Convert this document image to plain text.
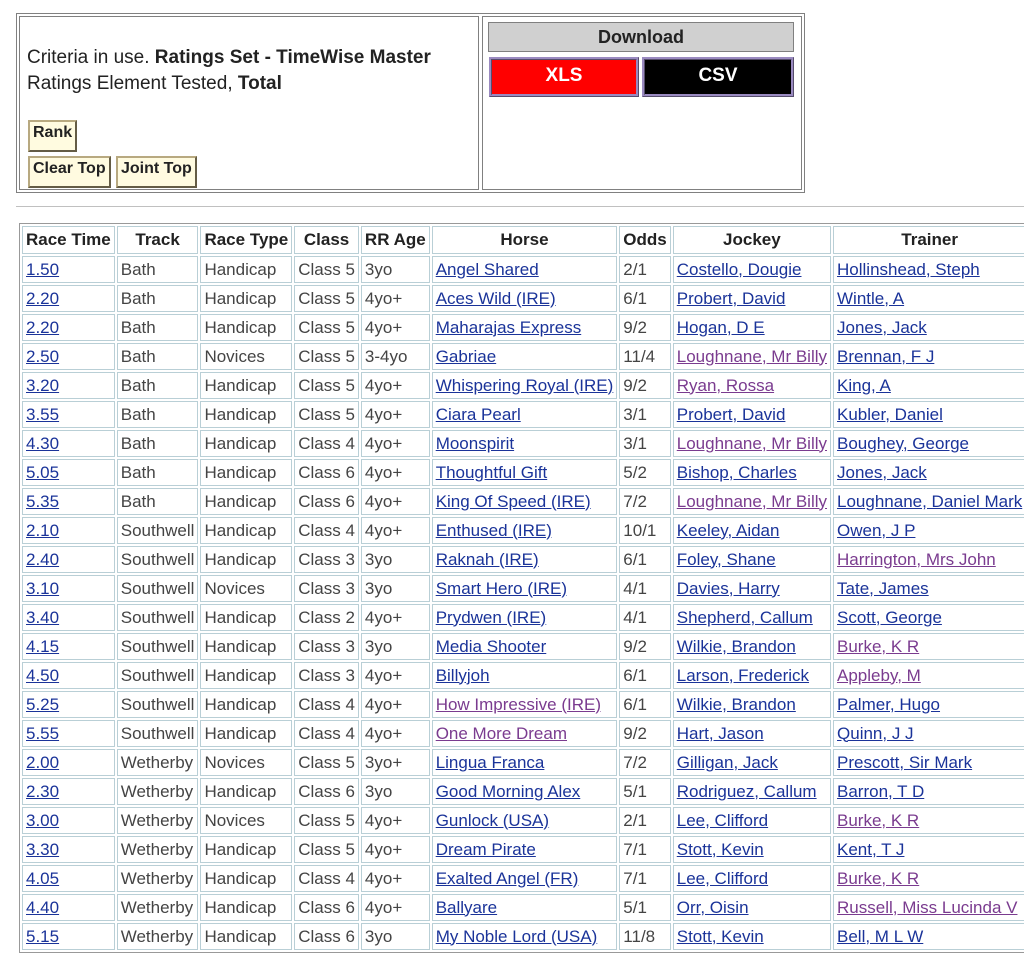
Criteria in use. Ratings Set - TimeWise Master
Ratings Element Tested, Total
Rank
Clear Top Joint Top
Download
XLS	CSV
Race Time	Track	Race Type	Class	RR Age	Horse	Odds	Jockey	Trainer
1.50	Bath	Handicap	Class 5	3yo	Angel Shared	2/1	Costello, Dougie	Hollinshead, Steph
2.20	Bath	Handicap	Class 5	4yo+	Aces Wild (IRE)	6/1	Probert, David	Wintle, A
2.20	Bath	Handicap	Class 5	4yo+	Maharajas Express	9/2	Hogan, D E	Jones, Jack
2.50	Bath	Novices	Class 5	3-4yo	Gabriae	11/4	Loughnane, Mr Billy	Brennan, F J
3.20	Bath	Handicap	Class 5	4yo+	Whispering Royal (IRE)	9/2	Ryan, Rossa	King, A
3.55	Bath	Handicap	Class 5	4yo+	Ciara Pearl	3/1	Probert, David	Kubler, Daniel
4.30	Bath	Handicap	Class 4	4yo+	Moonspirit	3/1	Loughnane, Mr Billy	Boughey, George
5.05	Bath	Handicap	Class 6	4yo+	Thoughtful Gift	5/2	Bishop, Charles	Jones, Jack
5.35	Bath	Handicap	Class 6	4yo+	King Of Speed (IRE)	7/2	Loughnane, Mr Billy	Loughnane, Daniel Mark
2.10	Southwell	Handicap	Class 4	4yo+	Enthused (IRE)	10/1	Keeley, Aidan	Owen, J P
2.40	Southwell	Handicap	Class 3	3yo	Raknah (IRE)	6/1	Foley, Shane	Harrington, Mrs John
3.10	Southwell	Novices	Class 3	3yo	Smart Hero (IRE)	4/1	Davies, Harry	Tate, James
3.40	Southwell	Handicap	Class 2	4yo+	Prydwen (IRE)	4/1	Shepherd, Callum	Scott, George
4.15	Southwell	Handicap	Class 3	3yo	Media Shooter	9/2	Wilkie, Brandon	Burke, K R
4.50	Southwell	Handicap	Class 3	4yo+	Billyjoh	6/1	Larson, Frederick	Appleby, M
5.25	Southwell	Handicap	Class 4	4yo+	How Impressive (IRE)	6/1	Wilkie, Brandon	Palmer, Hugo
5.55	Southwell	Handicap	Class 4	4yo+	One More Dream	9/2	Hart, Jason	Quinn, J J
2.00	Wetherby	Novices	Class 5	3yo+	Lingua Franca	7/2	Gilligan, Jack	Prescott, Sir Mark
2.30	Wetherby	Handicap	Class 6	3yo	Good Morning Alex	5/1	Rodriguez, Callum	Barron, T D
3.00	Wetherby	Novices	Class 5	4yo+	Gunlock (USA)	2/1	Lee, Clifford	Burke, K R
3.30	Wetherby	Handicap	Class 5	4yo+	Dream Pirate	7/1	Stott, Kevin	Kent, T J
4.05	Wetherby	Handicap	Class 4	4yo+	Exalted Angel (FR)	7/1	Lee, Clifford	Burke, K R
4.40	Wetherby	Handicap	Class 6	4yo+	Ballyare	5/1	Orr, Oisin	Russell, Miss Lucinda V
5.15	Wetherby	Handicap	Class 6	3yo	My Noble Lord (USA)	11/8	Stott, Kevin	Bell, M L W
